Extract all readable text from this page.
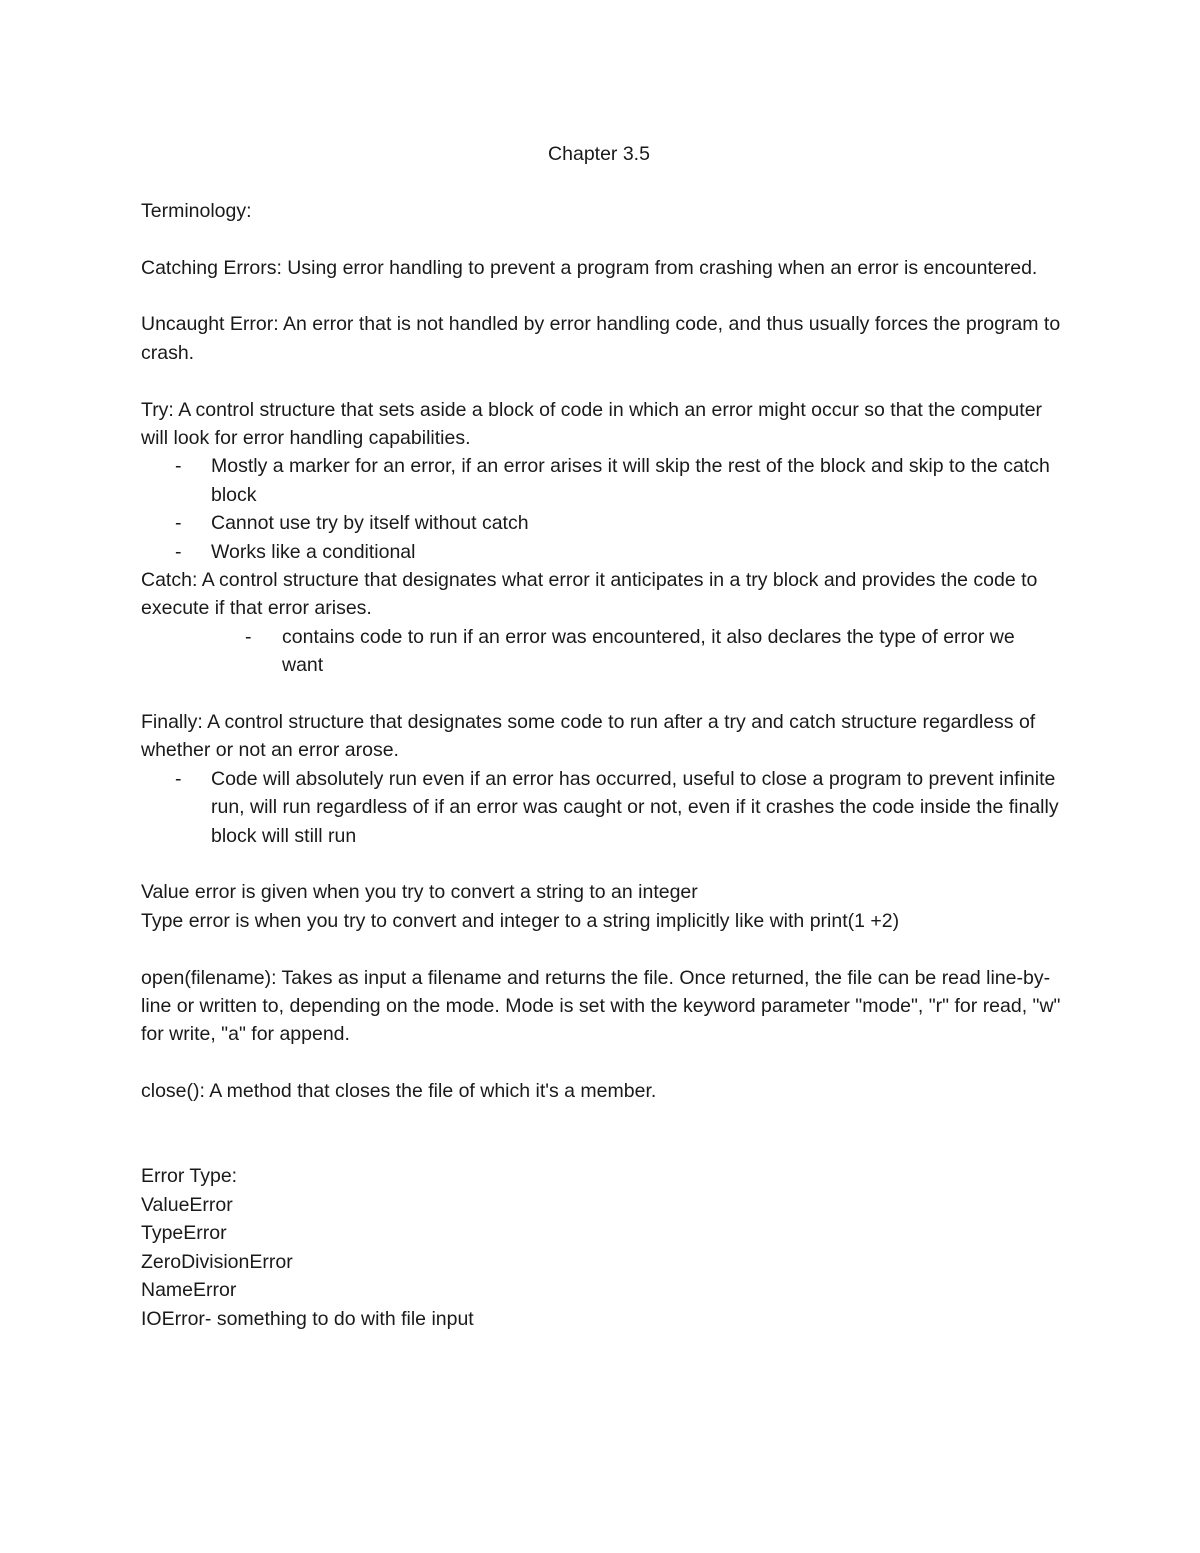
Chapter 3.5

Terminology:

Catching Errors: Using error handling to prevent a program from crashing when an error is encountered.

Uncaught Error: An error that is not handled by error handling code, and thus usually forces the program to crash.

Try: A control structure that sets aside a block of code in which an error might occur so that the computer will look for error handling capabilities.

- Mostly a marker for an error, if an error arises it will skip the rest of the block and skip to the catch block
- Cannot use try by itself without catch
- Works like a conditional

Catch: A control structure that designates what error it anticipates in a try block and provides the code to execute if that error arises.

- contains code to run if an error was encountered, it also declares the type of error we want

Finally: A control structure that designates some code to run after a try and catch structure regardless of whether or not an error arose.

- Code will absolutely run even if an error has occurred, useful to close a program to prevent infinite run, will run regardless of if an error was caught or not, even if it crashes the code inside the finally block will still run

Value error is given when you try to convert a string to an integer

Type error is when you try to convert and integer to a string implicitly like with print(1 +2)

open(filename): Takes as input a filename and returns the file. Once returned, the file can be read line-by-line or written to, depending on the mode. Mode is set with the keyword parameter "mode", "r" for read, "w" for write, "a" for append.

close(): A method that closes the file of which it's a member.

Error Type:

ValueError

TypeError

ZeroDivisionError

NameError

IOError- something to do with file input
